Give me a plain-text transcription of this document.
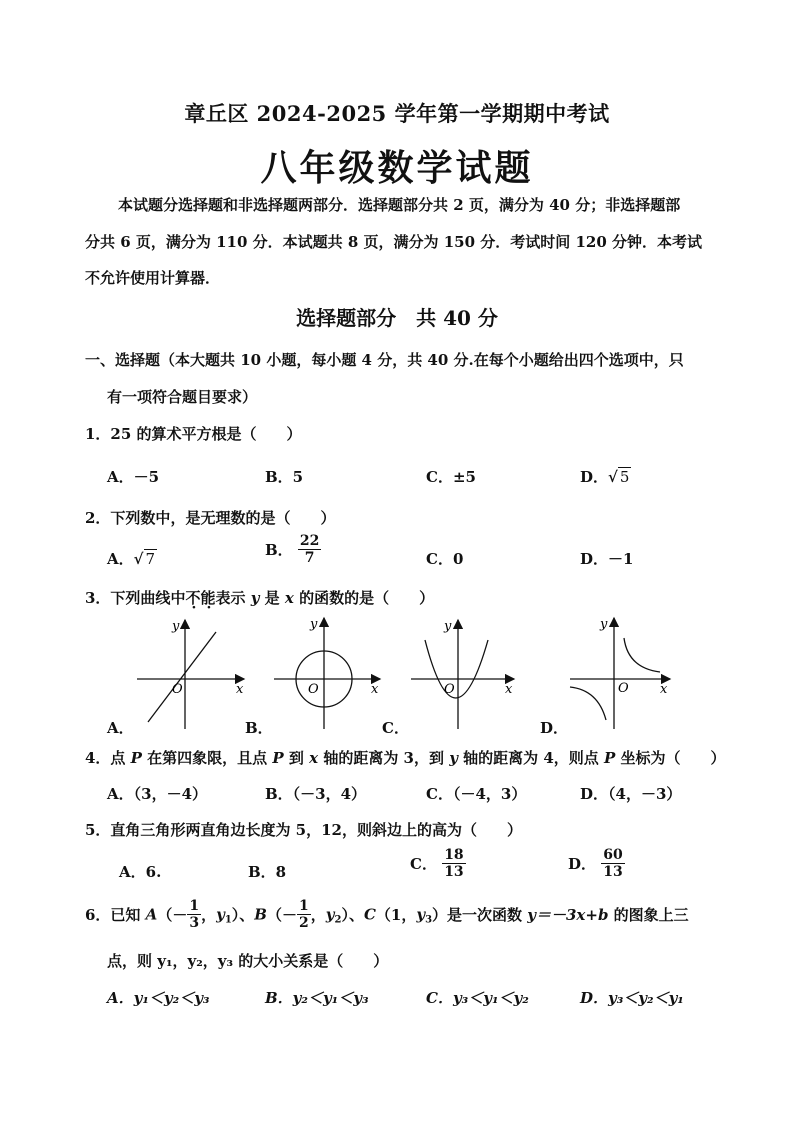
章丘区 2024-2025 学年第一学期期中考试
八年级数学试题
本试题分选择题和非选择题两部分．选择题部分共 2 页，满分为 40 分；非选择题部
分共 6 页，满分为 110 分．本试题共 8 页，满分为 150 分．考试时间 120 分钟．本考试
不允许使用计算器．
选择题部分　共 40 分
一、选择题（本大题共 10 小题，每小题 4 分，共 40 分.在每个小题给出四个选项中，只
有一项符合题目要求）
1．25 的算术平方根是（　　）
A．－5	B．5	C．±5	D．√ 5
2．下列数中，是无理数的是（　　）
A．√ 7	B． $\frac{22}{7}$	C．0	D．－1
3．下列曲线中不能表示 y 是 x 的函数的是（　　）
x
y
O	x
y
O	x
y
O	x
y
O
A．	B．	C．	D．
4．点 P 在第四象限，且点 P 到 x 轴的距离为 3，到 y 轴的距离为 4，则点 P 坐标为（　　）
A．（3，－4）	B．（－3，4）	C．（－4，3）	D．（4，－3）
5．直角三角形两直角边长度为 5，12，则斜边上的高为（　　）
A．6.	B．8	C． $\frac{18}{13}$	D． $\frac{60}{13}$
6．已知 $A(- \frac{1}{3}$ ，$y_1$）、$B(- \frac{1}{2}$ ，$y_2$）、C（1，$y_3$）是一次函数 y＝－3x+b 的图象上三
点，则 y₁，y₂，y₃ 的大小关系是（　　）
A．y₁＜y₂＜y₃	B．y₂＜y₁＜y₃	C．y₃＜y₁＜y₂	D．y₃＜y₂＜y₁
